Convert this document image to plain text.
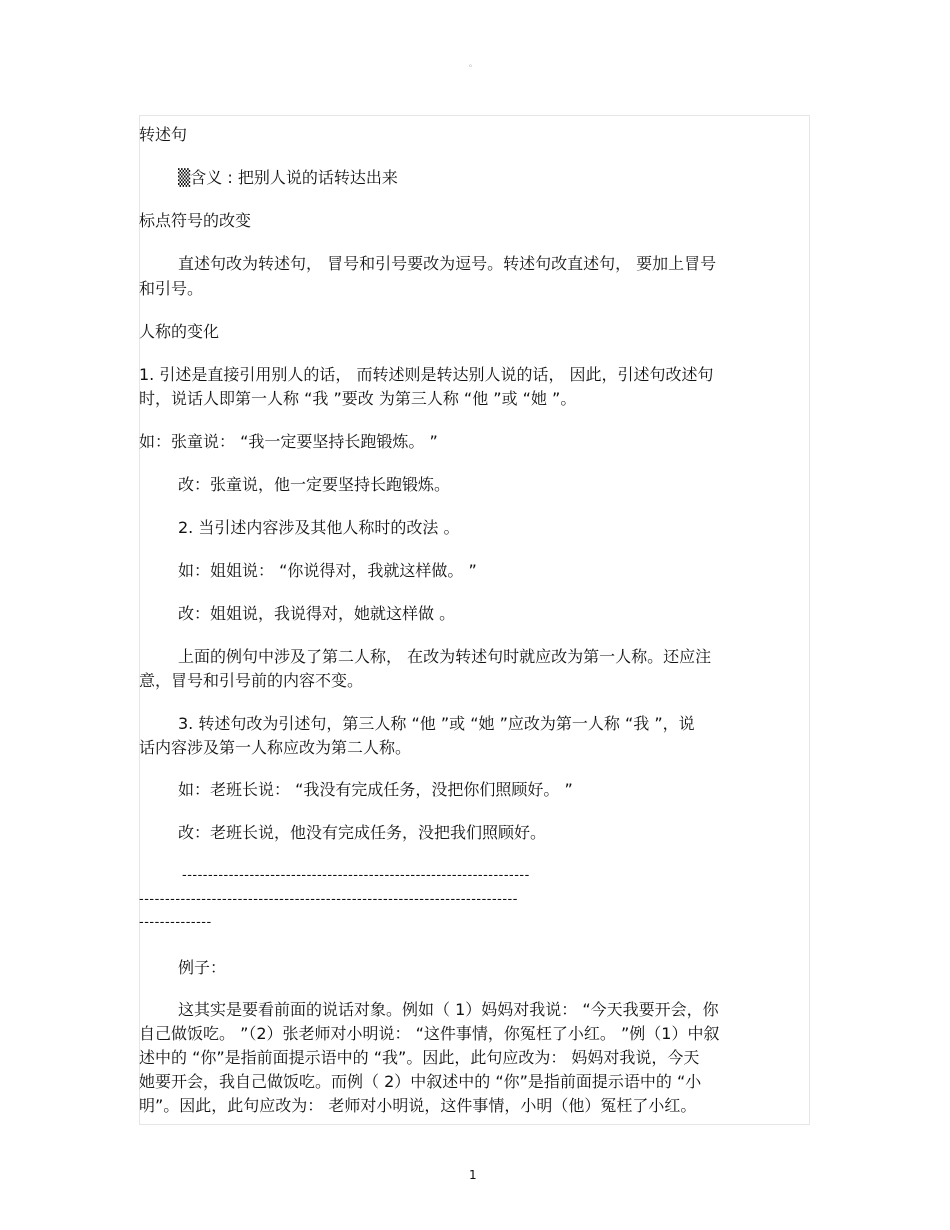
。
转述句
▒含义 : 把别人说的话转达出来
标点符号的改变
直述句改为转述句， 冒号和引号要改为逗号。转述句改直述句， 要加上冒号
和引号。
人称的变化
1. 引述是直接引用别人的话， 而转述则是转达别人说的话， 因此，引述句改述句
时，说话人即第一人称 “我 ”要改 为第三人称 “他 ”或 “她 ”。
如：张童说： “我一定要坚持长跑锻炼。 ”
改：张童说，他一定要坚持长跑锻炼。
2. 当引述内容涉及其他人称时的改法 。
如：姐姐说： “你说得对，我就这样做。 ”
改：姐姐说，我说得对，她就这样做 。
上面的例句中涉及了第二人称， 在改为转述句时就应改为第一人称。还应注
意，冒号和引号前的内容不变。
3. 转述句改为引述句，第三人称 “他 ”或 “她 ”应改为第一人称 “我 ”，说
话内容涉及第一人称应改为第二人称。
如：老班长说： “我没有完成任务，没把你们照顾好。 ”
改：老班长说，他没有完成任务，没把我们照顾好。
-------------------------------------------------------------------
-------------------------------------------------------------------------
--------------
例子：
这其实是要看前面的说话对象。例如（ 1）妈妈对我说： “今天我要开会，你
自己做饭吃。 ”（2）张老师对小明说： “这件事情，你冤枉了小红。 ”例（1）中叙
述中的 “你”是指前面提示语中的 “我”。因此，此句应改为： 妈妈对我说，今天
她要开会，我自己做饭吃。而例（ 2）中叙述中的 “你”是指前面提示语中的 “小
明”。因此，此句应改为： 老师对小明说，这件事情，小明（他）冤枉了小红。
1
